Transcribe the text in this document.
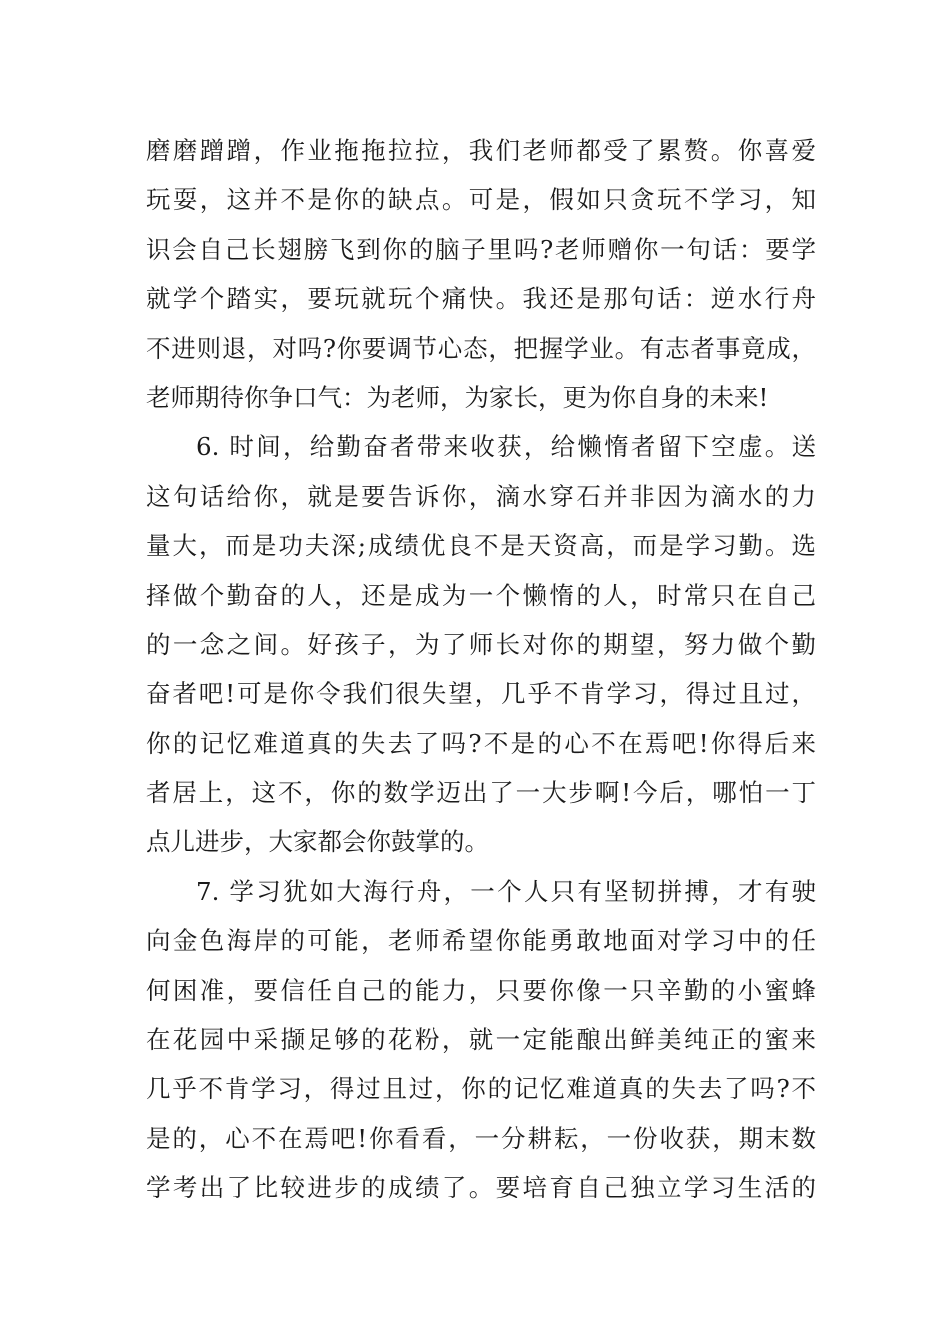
磨磨蹭蹭，作业拖拖拉拉，我们老师都受了累赘。你喜爱
玩耍，这并不是你的缺点。可是，假如只贪玩不学习，知
识会自己长翅膀飞到你的脑子里吗?老师赠你一句话：要学
就学个踏实，要玩就玩个痛快。我还是那句话：逆水行舟
不进则退，对吗?你要调节心态，把握学业。有志者事竟成，
老师期待你争口气：为老师，为家长，更为你自身的未来!
6. 时间，给勤奋者带来收获，给懒惰者留下空虚。送
这句话给你，就是要告诉你，滴水穿石并非因为滴水的力
量大，而是功夫深;成绩优良不是天资高，而是学习勤。选
择做个勤奋的人，还是成为一个懒惰的人，时常只在自己
的一念之间。好孩子，为了师长对你的期望，努力做个勤
奋者吧!可是你令我们很失望，几乎不肯学习，得过且过，
你的记忆难道真的失去了吗?不是的心不在焉吧!你得后来
者居上，这不，你的数学迈出了一大步啊!今后，哪怕一丁
点儿进步，大家都会你鼓掌的。
7. 学习犹如大海行舟，一个人只有坚韧拼搏，才有驶
向金色海岸的可能，老师希望你能勇敢地面对学习中的任
何困准，要信任自己的能力，只要你像一只辛勤的小蜜蜂
在花园中采撷足够的花粉，就一定能酿出鲜美纯正的蜜来
几乎不肯学习，得过且过，你的记忆难道真的失去了吗?不
是的，心不在焉吧!你看看，一分耕耘，一份收获，期末数
学考出了比较进步的成绩了。要培育自己独立学习生活的
